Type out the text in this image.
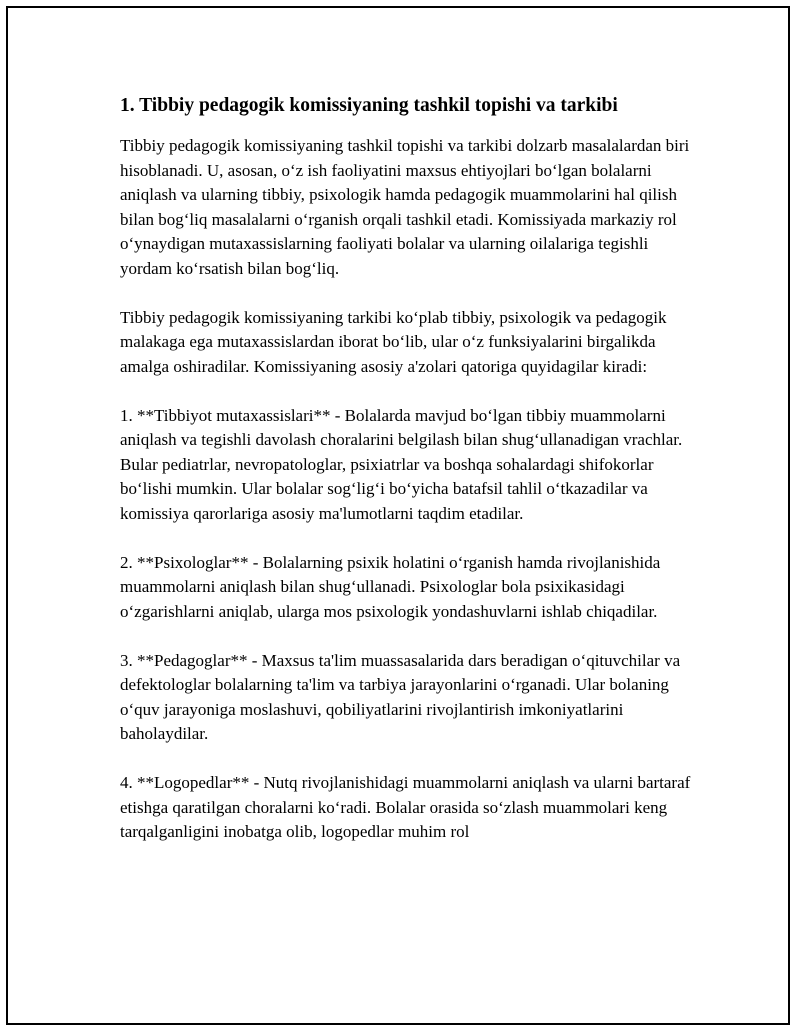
1. Tibbiy pedagogik komissiyaning tashkil topishi va tarkibi

Tibbiy pedagogik komissiyaning tashkil topishi va tarkibi dolzarb masalalardan biri hisoblanadi. U, asosan, o‘z ish faoliyatini maxsus ehtiyojlari bo‘lgan bolalarni aniqlash va ularning tibbiy, psixologik hamda pedagogik muammolarini hal qilish bilan bog‘liq masalalarni o‘rganish orqali tashkil etadi. Komissiyada markaziy rol o‘ynaydigan mutaxassislarning faoliyati bolalar va ularning oilalariga tegishli yordam ko‘rsatish bilan bog‘liq.

Tibbiy pedagogik komissiyaning tarkibi ko‘plab tibbiy, psixologik va pedagogik malakaga ega mutaxassislardan iborat bo‘lib, ular o‘z funksiyalarini birgalikda amalga oshiradilar. Komissiyaning asosiy a'zolari qatoriga quyidagilar kiradi:

1. **Tibbiyot mutaxassislari** - Bolalarda mavjud bo‘lgan tibbiy muammolarni aniqlash va tegishli davolash choralarini belgilash bilan shug‘ullanadigan vrachlar. Bular pediatrlar, nevropatologlar, psixiatrlar va boshqa sohalardagi shifokorlar bo‘lishi mumkin. Ular bolalar sog‘lig‘i bo‘yicha batafsil tahlil o‘tkazadilar va komissiya qarorlariga asosiy ma'lumotlarni taqdim etadilar.

2. **Psixologlar** - Bolalarning psixik holatini o‘rganish hamda rivojlanishida muammolarni aniqlash bilan shug‘ullanadi. Psixologlar bola psixikasidagi o‘zgarishlarni aniqlab, ularga mos psixologik yondashuvlarni ishlab chiqadilar.

3. **Pedagoglar** - Maxsus ta'lim muassasalarida dars beradigan o‘qituvchilar va defektologlar bolalarning ta'lim va tarbiya jarayonlarini o‘rganadi. Ular bolaning o‘quv jarayoniga moslashuvi, qobiliyatlarini rivojlantirish imkoniyatlarini baholaydilar.

4. **Logopedlar** - Nutq rivojlanishidagi muammolarni aniqlash va ularni bartaraf etishga qaratilgan choralarni ko‘radi. Bolalar orasida so‘zlash muammolari keng tarqalganligini inobatga olib, logopedlar muhim rol
